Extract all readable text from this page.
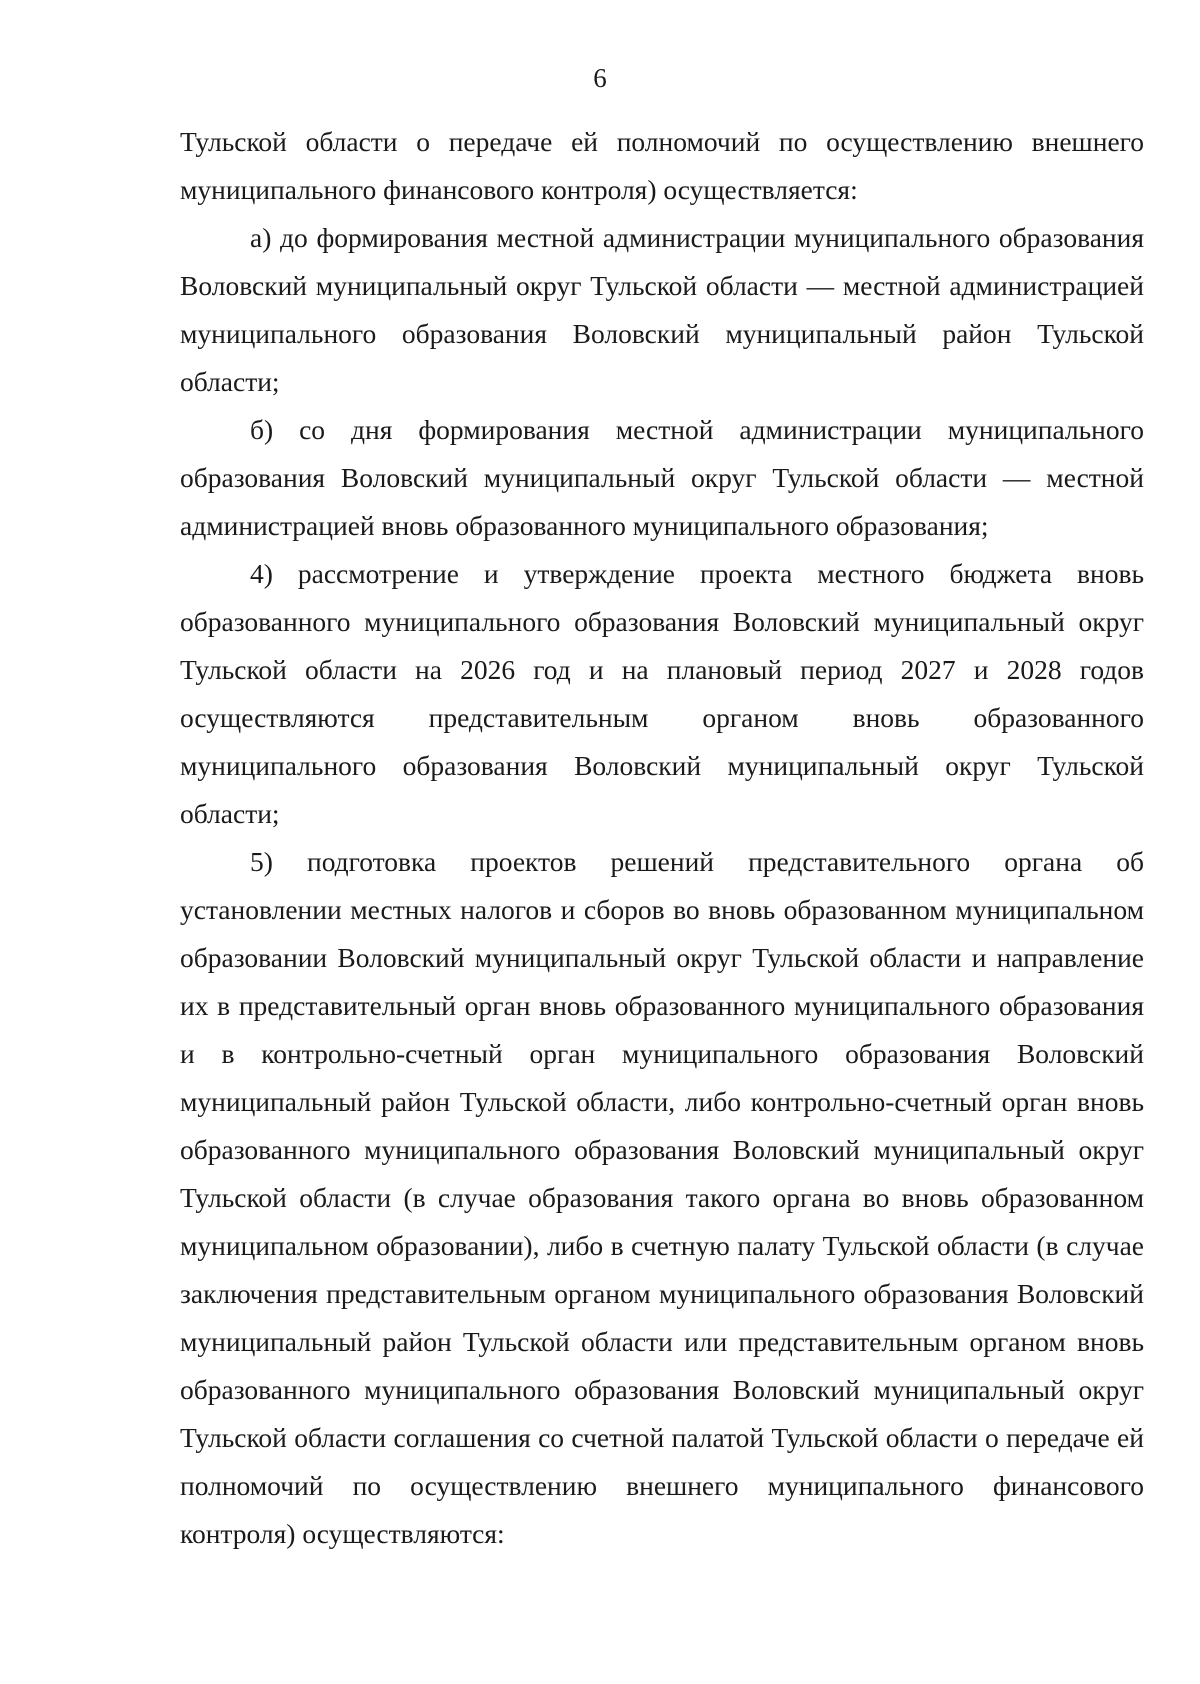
6

Тульской области о передаче ей полномочий по осуществлению внешнего муниципального финансового контроля) осуществляется:

а) до формирования местной администрации муниципального образования Воловский муниципальный округ Тульской области — местной администрацией муниципального образования Воловский муниципальный район Тульской области;

б) со дня формирования местной администрации муниципального образования Воловский муниципальный округ Тульской области — местной администрацией вновь образованного муниципального образования;

4) рассмотрение и утверждение проекта местного бюджета вновь образованного муниципального образования Воловский муниципальный округ Тульской области на 2026 год и на плановый период 2027 и 2028 годов осуществляются представительным органом вновь образованного муниципального образования Воловский муниципальный округ Тульской области;

5) подготовка проектов решений представительного органа об установлении местных налогов и сборов во вновь образованном муниципальном образовании Воловский муниципальный округ Тульской области и направление их в представительный орган вновь образованного муниципального образования и в контрольно-счетный орган муниципального образования Воловский муниципальный район Тульской области, либо контрольно-счетный орган вновь образованного муниципального образования Воловский муниципальный округ Тульской области (в случае образования такого органа во вновь образованном муниципальном образовании), либо в счетную палату Тульской области (в случае заключения представительным органом муниципального образования Воловский муниципальный район Тульской области или представительным органом вновь образованного муниципального образования Воловский муниципальный округ Тульской области соглашения со счетной палатой Тульской области о передаче ей полномочий по осуществлению внешнего муниципального финансового контроля) осуществляются:
